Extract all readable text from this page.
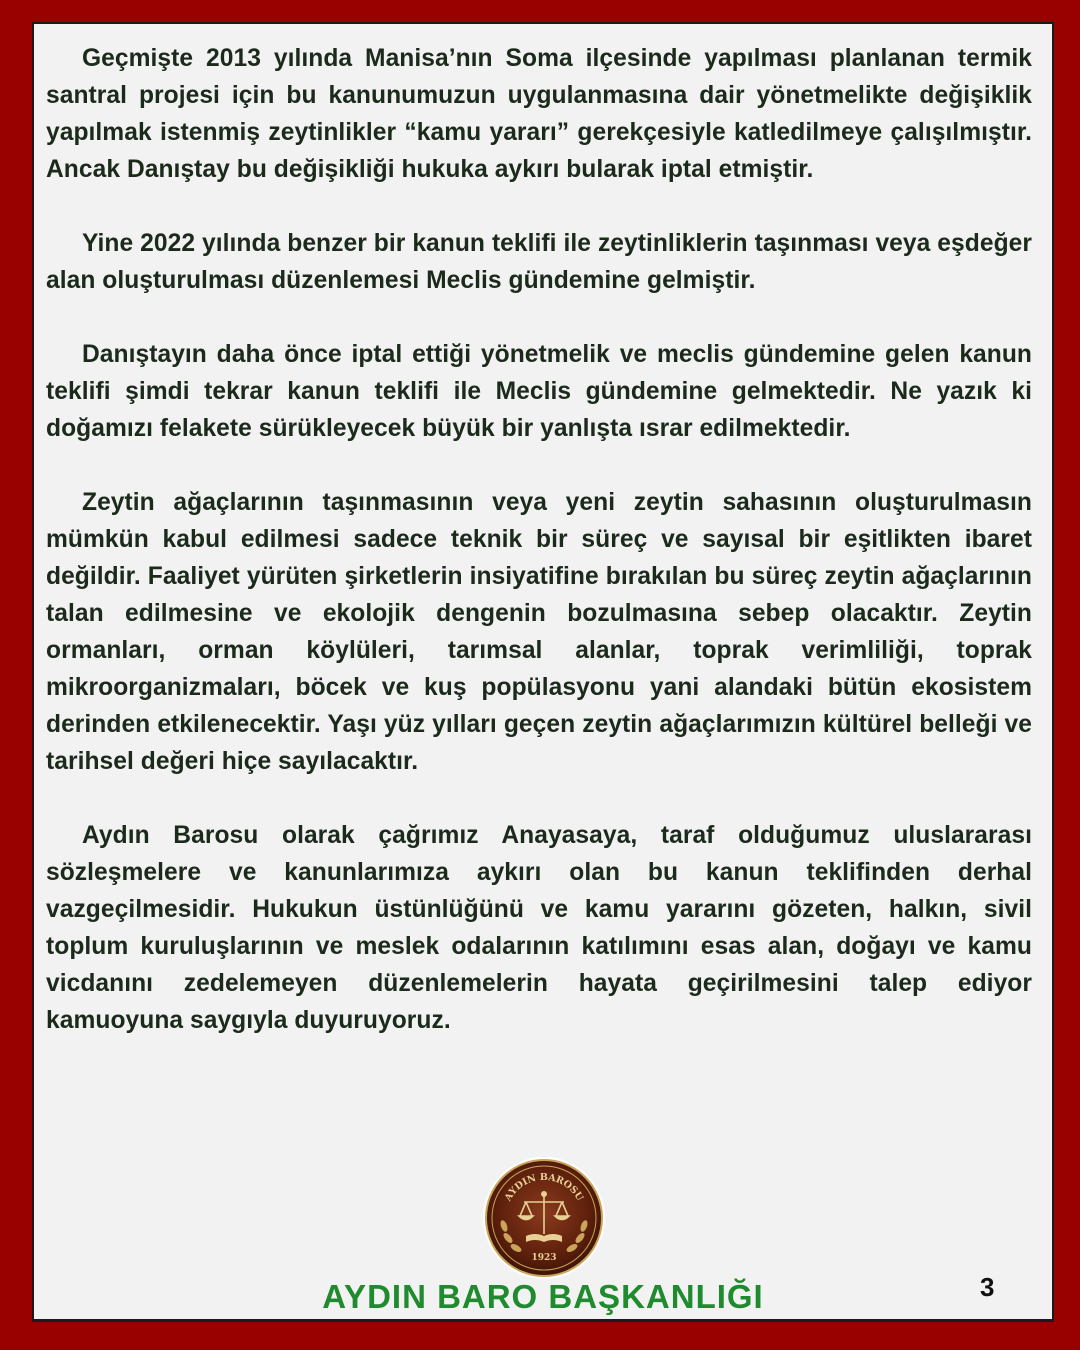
Geçmişte 2013 yılında Manisa’nın Soma ilçesinde yapılması planlanan termik santral projesi için bu kanunumuzun uygulanmasına dair yönetmelikte değişiklik yapılmak istenmiş zeytinlikler “kamu yararı” gerekçesiyle katledilmeye çalışılmıştır. Ancak Danıştay bu değişikliği hukuka aykırı bularak iptal etmiştir.

Yine 2022 yılında benzer bir kanun teklifi ile zeytinliklerin taşınması veya eşdeğer alan oluşturulması düzenlemesi Meclis gündemine gelmiştir.

Danıştayın daha önce iptal ettiği yönetmelik ve meclis gündemine gelen kanun teklifi şimdi tekrar kanun teklifi ile Meclis gündemine gelmektedir. Ne yazık ki doğamızı felakete sürükleyecek büyük bir yanlışta ısrar edilmektedir.

Zeytin ağaçlarının taşınmasının veya yeni zeytin sahasının oluşturulmasın mümkün kabul edilmesi sadece teknik bir süreç ve sayısal bir eşitlikten ibaret değildir. Faaliyet yürüten şirketlerin insiyatifine bırakılan bu süreç zeytin ağaçlarının talan edilmesine ve ekolojik dengenin bozulmasına sebep olacaktır. Zeytin ormanları, orman köylüleri, tarımsal alanlar, toprak verimliliği, toprak mikroorganizmaları, böcek ve kuş popülasyonu yani alandaki bütün ekosistem derinden etkilenecektir. Yaşı yüz yılları geçen zeytin ağaçlarımızın kültürel belleği ve tarihsel değeri hiçe sayılacaktır.

Aydın Barosu olarak çağrımız Anayasaya, taraf olduğumuz uluslararası sözleşmelere ve kanunlarımıza aykırı olan bu kanun teklifinden derhal vazgeçilmesidir. Hukukun üstünlüğünü ve kamu yararını gözeten, halkın, sivil toplum kuruluşlarının ve meslek odalarının katılımını esas alan, doğayı ve kamu vicdanını zedelemeyen düzenlemelerin hayata geçirilmesini talep ediyor kamuoyuna saygıyla duyuruyoruz.

AYDIN BAROSU
1923
AYDIN BARO BAŞKANLIĞI	3
